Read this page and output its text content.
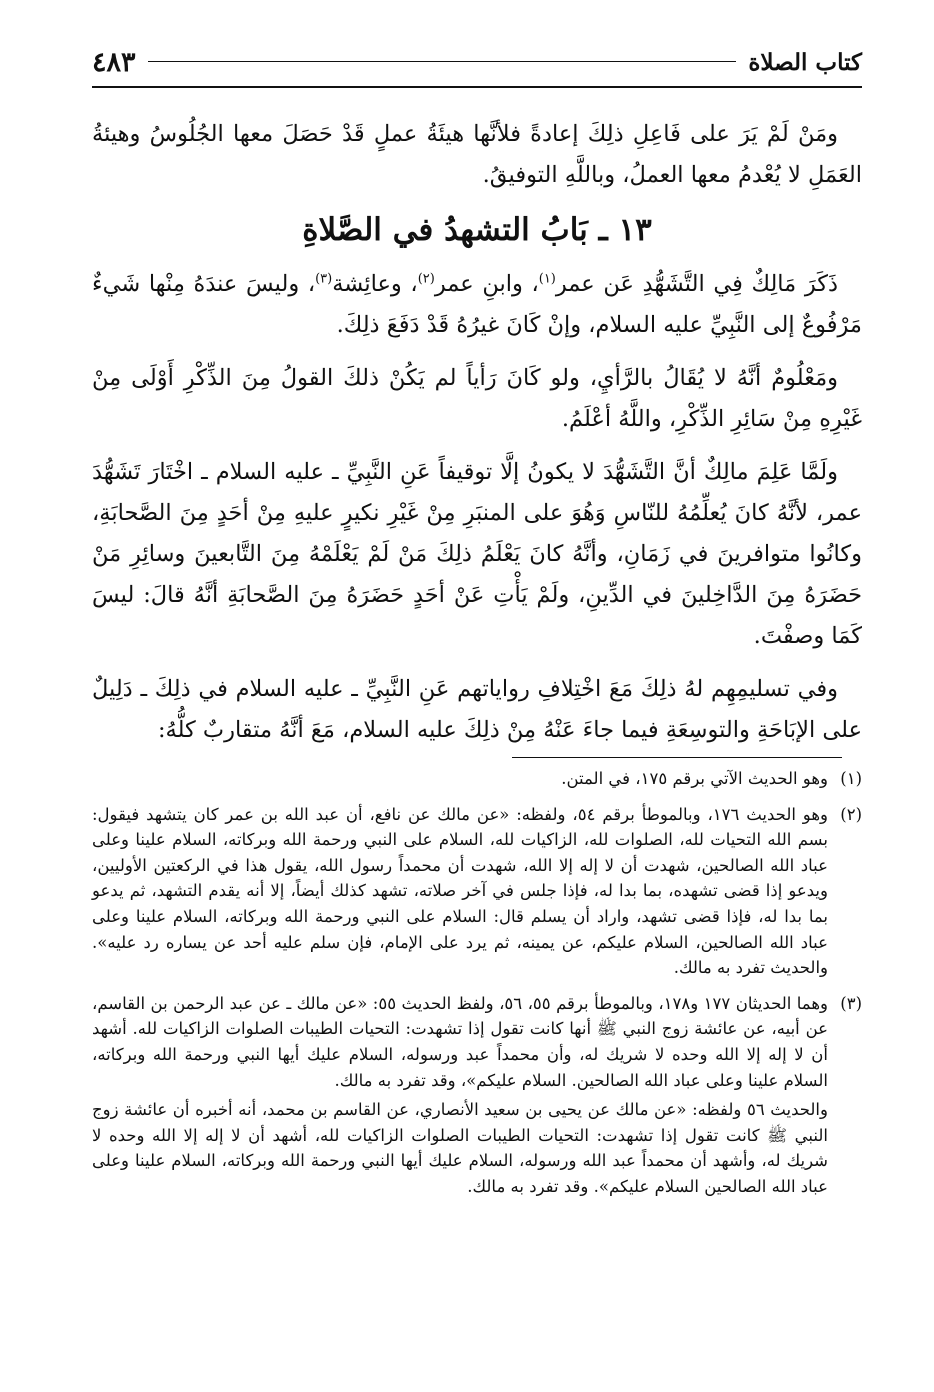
كتاب الصلاة
٤٨٣

ومَنْ لَمْ يَرَ على فَاعِلِ ذلِكَ إعادةً فلأنَّها هيئَةُ عملٍ قَدْ حَصَلَ معها الجُلُوسُ وهيئةُ العَمَلِ لا يُعْدمُ معها العملُ، وباللَّهِ التوفيقُ.

١٣ ـ بَابُ التشهدُ في الصَّلاةِ

ذَكَرَ مَالِكٌ فِي التَّشَهُّدِ عَن عمر$^{(١)}$، وابنِ عمر$^{(٢)}$، وعائِشة$^{(٣)}$، وليسَ عندَهُ مِنْها شَيءٌ مَرْفُوعٌ إلى النَّبِيِّ عليه السلام، وإنْ كَانَ غيرُهُ قَدْ دَفَعَ ذلِكَ.

ومَعْلُومٌ أنَّهُ لا يُقَالُ بالرَّأيِ، ولو كَانَ رَأياً لم يَكُنْ ذلكَ القولُ مِنَ الذِّكْرِ أَوْلَى مِنْ غَيْرِهِ مِنْ سَائِرِ الذِّكْرِ، واللَّهُ أعْلَمُ.

ولَمَّا عَلِمَ مالِكٌ أنَّ التَّشَهُّدَ لا يكونُ إلَّا توقيفاً عَنِ النَّبِيِّ ـ عليه السلام ـ اخْتَارَ تَشَهُّدَ عمر، لأنَّهُ كانَ يُعلِّمُهُ للنّاسِ وَهُوَ على المنبَرِ مِنْ غَيْرِ نكيرٍ عليهِ مِنْ أحَدٍ مِنَ الصَّحابَةِ، وكانُوا متوافرينَ في زَمَانِ، وأنَّهُ كانَ يَعْلَمُ ذلِكَ مَنْ لَمْ يَعْلَمْهُ مِنَ التَّابعينَ وسائِرِ مَنْ حَضَرَهُ مِنَ الدَّاخِلينَ في الدِّينِ، ولَمْ يَأْتِ عَنْ أحَدٍ حَضَرَهُ مِنَ الصَّحابَةِ أنَّهُ قالَ: ليسَ كَمَا وصفْتَ.

وفي تسليمِهِم لهُ ذلِكَ مَعَ اخْتِلافِ رواياتهم عَنِ النَّبِيِّ ـ عليه السلام في ذلِكَ ـ دَلِيلٌ على الإبَاحَةِ والتوسِعَةِ فيما جاءَ عَنْهُ مِنْ ذلِكَ عليه السلام، مَعَ أنَّهُ متقاربٌ كلُّهُ:

(١)

وهو الحديث الآتي برقم ١٧٥، في المتن.

(٢)

وهو الحديث ١٧٦، وبالموطأ برقم ٥٤، ولفظه: «عن مالك عن نافع، أن عبد الله بن عمر كان يتشهد فيقول: بسم الله التحيات لله، الصلوات لله، الزاكيات لله، السلام على النبي ورحمة الله وبركاته، السلام علينا وعلى عباد الله الصالحين، شهدت أن لا إله إلا الله، شهدت أن محمداً رسول الله، يقول هذا في الركعتين الأوليين، ويدعو إذا قضى تشهده، بما بدا له، فإذا جلس في آخر صلاته، تشهد كذلك أيضاً، إلا أنه يقدم التشهد، ثم يدعو بما بدا له، فإذا قضى تشهد، واراد أن يسلم قال: السلام على النبي ورحمة الله وبركاته، السلام علينا وعلى عباد الله الصالحين، السلام عليكم، عن يمينه، ثم يرد على الإمام، فإن سلم عليه أحد عن يساره رد عليه». والحديث تفرد به مالك.

(٣)

وهما الحديثان ١٧٧ و١٧٨، وبالموطأ برقم ٥٥، ٥٦، ولفظ الحديث ٥٥: «عن مالك ـ عن عبد الرحمن بن القاسم، عن أبيه، عن عائشة زوج النبي ﷺ أنها كانت تقول إذا تشهدت: التحيات الطيبات الصلوات الزاكيات لله. أشهد أن لا إله إلا الله وحده لا شريك له، وأن محمداً عبد ورسوله، السلام عليك أيها النبي ورحمة الله وبركاته، السلام علينا وعلى عباد الله الصالحين. السلام عليكم»، وقد تفرد به مالك.

والحديث ٥٦ ولفظه: «عن مالك عن يحيى بن سعيد الأنصاري، عن القاسم بن محمد، أنه أخبره أن عائشة زوج النبي ﷺ كانت تقول إذا تشهدت: التحيات الطيبات الصلوات الزاكيات لله، أشهد أن لا إله إلا الله وحده لا شريك له، وأشهد أن محمداً عبد الله ورسوله، السلام عليك أيها النبي ورحمة الله وبركاته، السلام علينا وعلى عباد الله الصالحين السلام عليكم». وقد تفرد به مالك.
